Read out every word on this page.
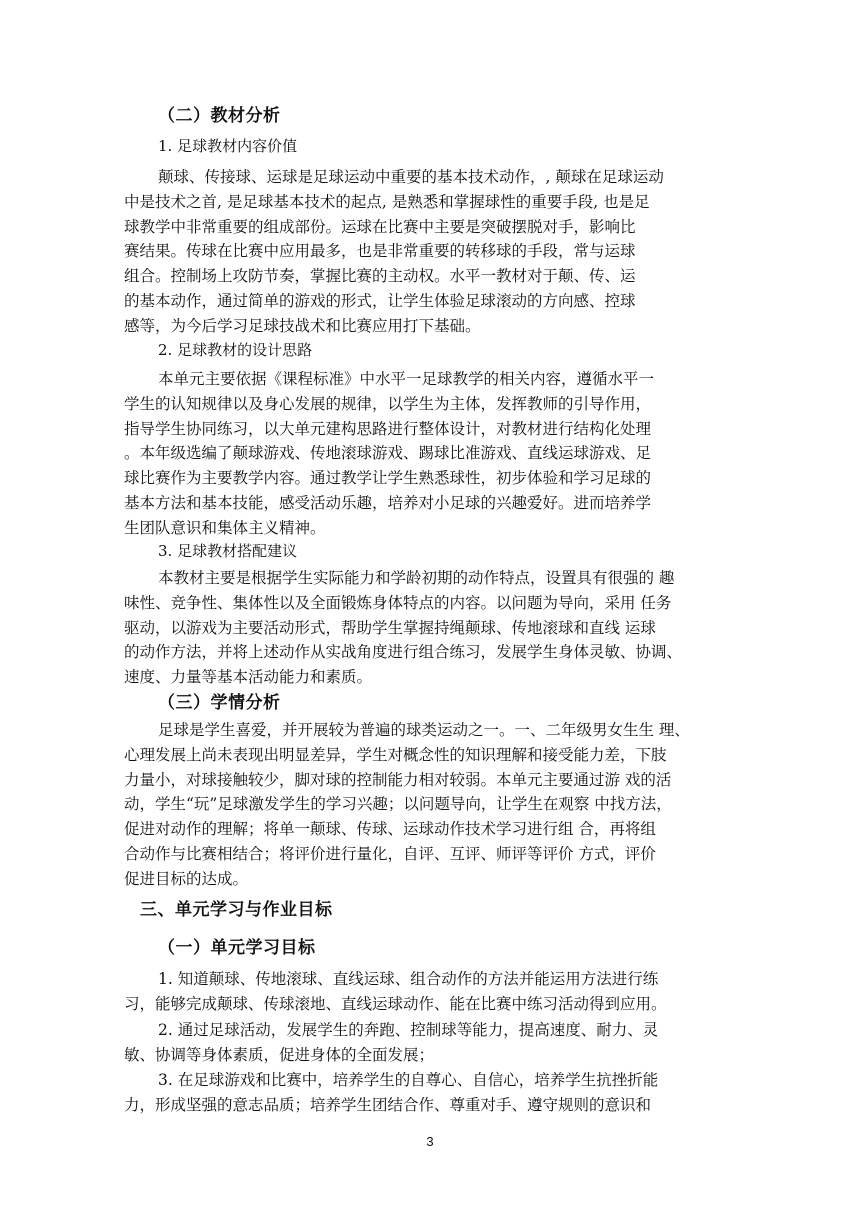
（二）教材分析
1. 足球教材内容价值
颠球、传接球、运球是足球运动中重要的基本技术动作，, 颠球在足球运动
中是技术之首, 是足球基本技术的起点, 是熟悉和掌握球性的重要手段, 也是足
球教学中非常重要的组成部份。运球在比赛中主要是突破摆脱对手，影响比
赛结果。传球在比赛中应用最多，也是非常重要的转移球的手段，常与运球
组合。控制场上攻防节奏，掌握比赛的主动权。水平一教材对于颠、传、运
的基本动作，通过简单的游戏的形式，让学生体验足球滚动的方向感、控球
感等，为今后学习足球技战术和比赛应用打下基础。
2. 足球教材的设计思路
本单元主要依据《课程标准》中水平一足球教学的相关内容，遵循水平一
学生的认知规律以及身心发展的规律，以学生为主体，发挥教师的引导作用，
指导学生协同练习，以大单元建构思路进行整体设计，对教材进行结构化处理
。本年级选编了颠球游戏、传地滚球游戏、踢球比准游戏、直线运球游戏、足
球比赛作为主要教学内容。通过教学让学生熟悉球性，初步体验和学习足球的
基本方法和基本技能，感受活动乐趣，培养对小足球的兴趣爱好。进而培养学
生团队意识和集体主义精神。
3. 足球教材搭配建议
本教材主要是根据学生实际能力和学龄初期的动作特点，设置具有很强的 趣
味性、竞争性、集体性以及全面锻炼身体特点的内容。以问题为导向，采用 任务
驱动，以游戏为主要活动形式，帮助学生掌握持绳颠球、传地滚球和直线 运球
的动作方法，并将上述动作从实战角度进行组合练习，发展学生身体灵敏、协调、
速度、力量等基本活动能力和素质。
（三）学情分析
足球是学生喜爱，并开展较为普遍的球类运动之一。一、二年级男女生生 理、
心理发展上尚未表现出明显差异，学生对概念性的知识理解和接受能力差，下肢
力量小，对球接触较少，脚对球的控制能力相对较弱。本单元主要通过游 戏的活
动，学生“玩”足球激发学生的学习兴趣；以问题导向，让学生在观察 中找方法，
促进对动作的理解；将单一颠球、传球、运球动作技术学习进行组 合，再将组
合动作与比赛相结合；将评价进行量化，自评、互评、师评等评价 方式，评价
促进目标的达成。
三、单元学习与作业目标
（一）单元学习目标
1. 知道颠球、传地滚球、直线运球、组合动作的方法并能运用方法进行练
习，能够完成颠球、传球滚地、直线运球动作、能在比赛中练习活动得到应用。
2. 通过足球活动，发展学生的奔跑、控制球等能力，提高速度、耐力、灵
敏、协调等身体素质，促进身体的全面发展；
3. 在足球游戏和比赛中，培养学生的自尊心、自信心，培养学生抗挫折能
力，形成坚强的意志品质；培养学生团结合作、尊重对手、遵守规则的意识和
3
